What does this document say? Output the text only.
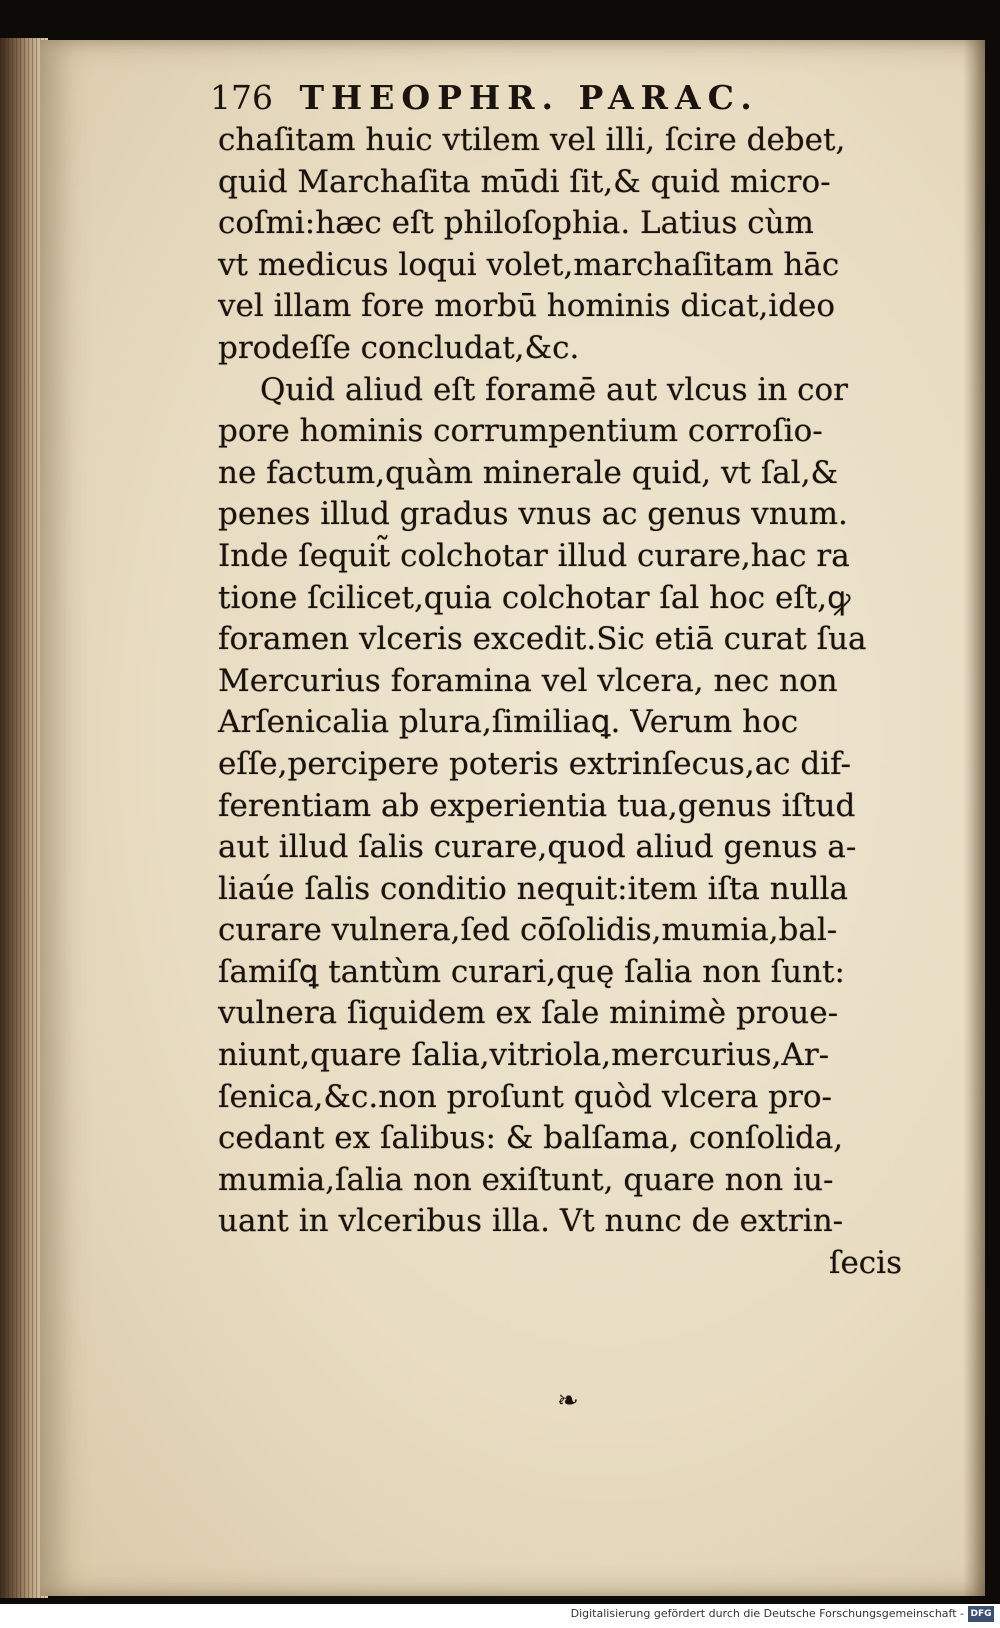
176 THEOPHR. PARAC.
chaſitam huic vtilem vel illi, ſcire debet,
quid Marchaſita mūdi ſit,& quid micro-
coſmi:hæc eſt philoſophia. Latius cùm
vt medicus loqui volet,marchaſitam hāc
vel illam fore morbū hominis dicat,ideo
prodeſſe concludat,&c.
Quid aliud eſt foramē aut vlcus in cor
pore hominis corrumpentium corroſio-
ne factum,quàm minerale quid, vt ſal,&
penes illud gradus vnus ac genus vnum.
Inde ſequit̃ colchotar illud curare,hac ra
tione ſcilicet,quia colchotar ſal hoc eſt,ꝙ
foramen vlceris excedit.Sic etiā curat ſua
Mercurius foramina vel vlcera, nec non
Arſenicalia plura,ſimiliaꝗ. Verum hoc
eſſe,percipere poteris extrinſecus,ac dif-
ferentiam ab experientia tua,genus iſtud
aut illud ſalis curare,quod aliud genus a-
liaúe ſalis conditio nequit:item iſta nulla
curare vulnera,ſed cōſolidis,mumia,bal-
ſamiſꝗ tantùm curari,quę ſalia non ſunt:
vulnera ſiquidem ex ſale minimè proue-
niunt,quare ſalia,vitriola,mercurius,Ar-
ſenica,&c.non proſunt quòd vlcera pro-
cedant ex ſalibus: & balſama, conſolida,
mumia,ſalia non exiſtunt, quare non iu-
uant in vlceribus illa. Vt nunc de extrin-
ſecis
❧
Digitalisierung gefördert durch die Deutsche Forschungsgemeinschaft - DFG
